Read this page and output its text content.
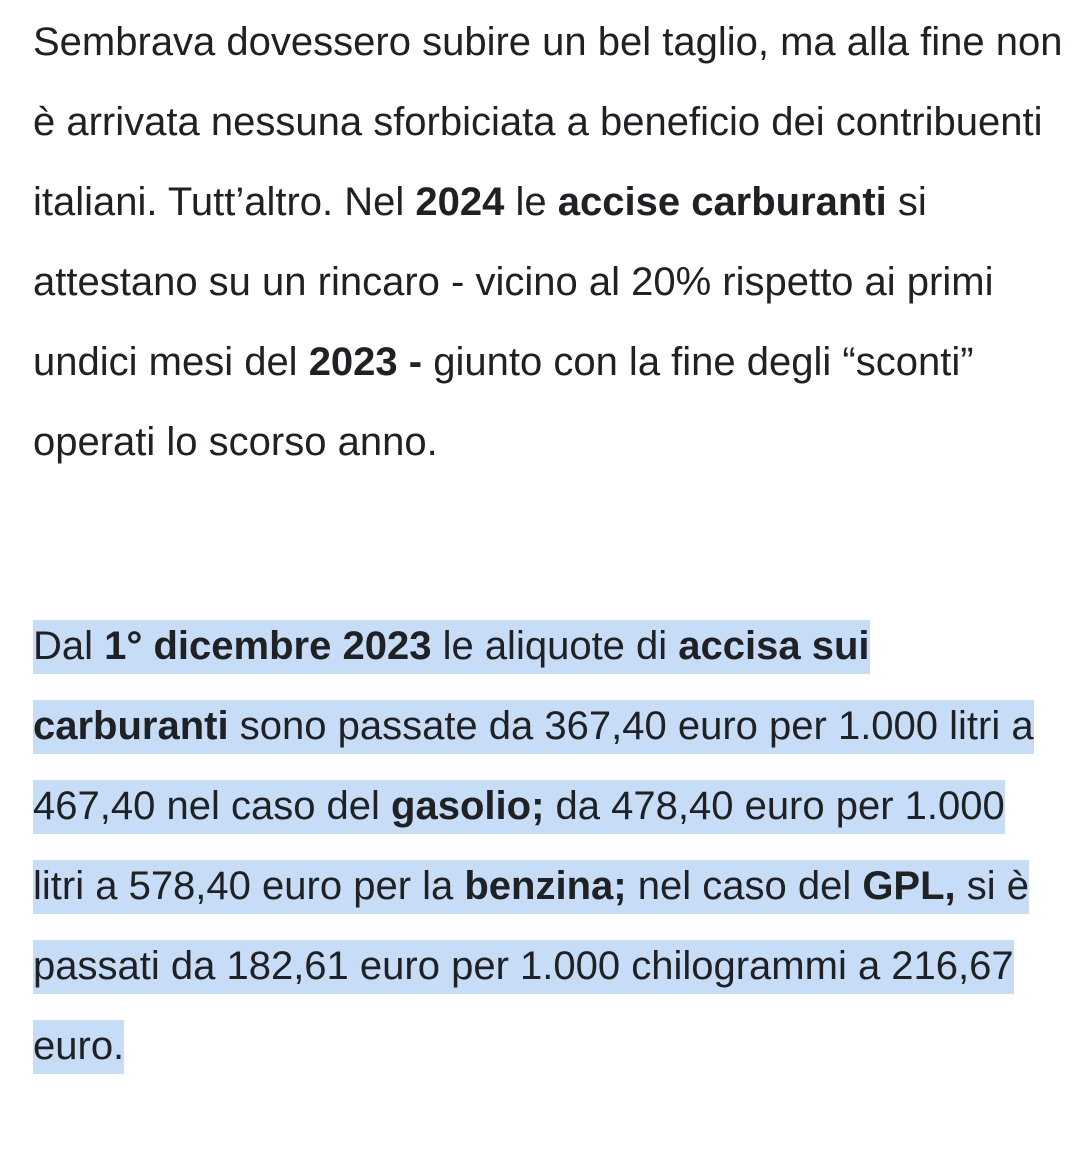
Sembrava dovessero subire un bel taglio, ma alla fine non è arrivata nessuna sforbiciata a beneficio dei contribuenti italiani. Tutt’altro. Nel 2024 le accise carburanti si attestano su un rincaro - vicino al 20% rispetto ai primi undici mesi del 2023 - giunto con la fine degli “sconti” operati lo scorso anno.

Dal 1° dicembre 2023 le aliquote di accisa sui carburanti sono passate da 367,40 euro per 1.000 litri a 467,40 nel caso del gasolio; da 478,40 euro per 1.000 litri a 578,40 euro per la benzina; nel caso del GPL, si è passati da 182,61 euro per 1.000 chilogrammi a 216,67 euro.
